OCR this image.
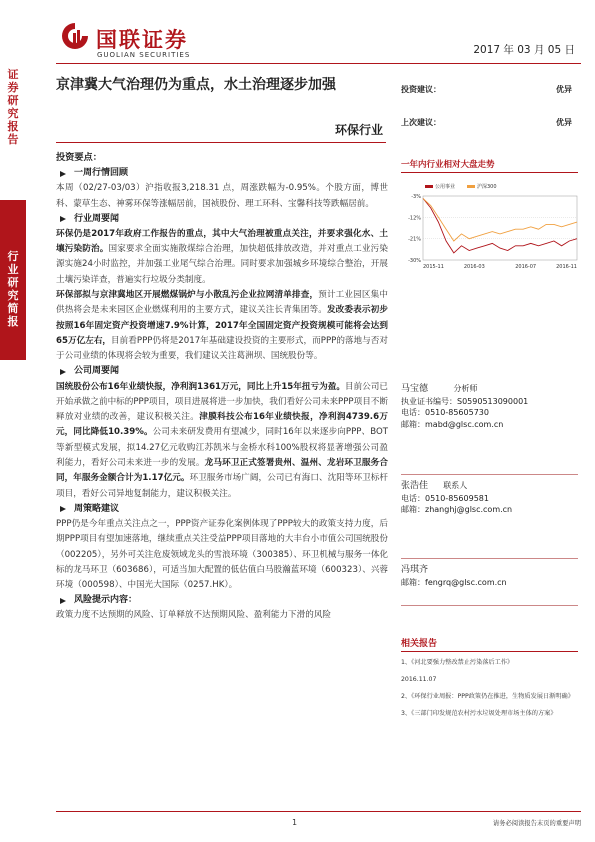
国联证券
GUOLIAN SECURITIES	2017 年 03 月 05 日
证券研究报告
行业研究简报
京津冀大气治理仍为重点，水土治理逐步加强
环保行业
投资建议：	优异
上次建议：	优异
投资要点：
一周行情回顾

本周（02/27-03/03）沪指收报3,218.31 点，周涨跌幅为-0.95%。个股方面，博世科、蒙草生态、神雾环保等涨幅居前，国祯股份、理工环科、宝馨科技等跌幅居前。

行业周要闻

环保仍是2017年政府工作报告的重点，其中大气治理被重点关注，并要求强化水、土壤污染防治。国家要求全面实施散煤综合治理，加快超低排放改造，并对重点工业污染源实施24小时监控，并加强工业尾气综合治理。同时要求加强城乡环境综合整治，开展土壤污染详查，普遍实行垃圾分类制度。

环保部拟与京津冀地区开展燃煤锅炉与小散乱污企业拉网清单排查，预计工业园区集中供热将会是未来园区企业燃煤利用的主要方式，建议关注长青集团等。发改委表示初步按照16年固定资产投资增速7.9%计算，2017年全国固定资产投资规模可能将会达到65万亿左右，目前看PPP仍将是2017年基础建设投资的主要形式，而PPP的落地与否对于公司业绩的体现将会较为重要，我们建议关注葛洲坝、国统股份等。

公司周要闻

国统股份公布16年业绩快报，净利润1361万元，同比上升15年扭亏为盈。目前公司已开始承做之前中标的PPP项目，项目进展将进一步加快，我们看好公司未来PPP项目不断释放对业绩的改善，建议积极关注。津膜科技公布16年业绩快报，净利润4739.6万元，同比降低10.39%。公司未来研发费用有望减少，同时16年以来逐步向PPP、BOT等新型模式发展，拟14.27亿元收购江苏凯米与金桥水科100%股权将显著增强公司盈利能力，看好公司未来进一步的发展。龙马环卫正式签署贵州、温州、龙岩环卫服务合同，年服务金额合计为1.17亿元。环卫服务市场广阔，公司已有海口、沈阳等环卫标杆项目，看好公司异地复制能力，建议积极关注。

周策略建议

PPP仍是今年重点关注点之一，PPP资产证券化案例体现了PPP较大的政策支持力度，后期PPP项目有望加速落地，继续重点关注受益PPP项目落地的大丰台小市值公司国统股份（002205），另外可关注危废领域龙头的雪浪环境（300385）、环卫机械与服务一体化标的龙马环卫（603686），可适当加大配置的低估值白马股瀚蓝环境（600323）、兴蓉环境（000598）、中国光大国际（0257.HK）。

风险提示内容：

政策力度不达预期的风险、订单释放不达预期风险、盈利能力下滑的风险

一年内行业相对大盘走势
-3%
-12%
-21%
-30%
2015-11	2016-03	2016-07	2016-11
公用事业	沪深300
马宝德	分析师
执业证书编号：S0590513090001
电话：0510-85605730
邮箱：mabd@glsc.com.cn
张浩佳 联系人
电话：0510-85609581
邮箱：zhanghj@glsc.com.cn
冯琪齐
邮箱：fengrq@glsc.com.cn
相关报告
1、《河北要强力整改禁止污染落后工作》
2016.11.07
2、《环保行业周报：PPP政策仍在推进，生物质发展日渐明确》
3、《三部门印发规范农村污水垃圾处理市场主体的方案》
1	请务必阅读报告末页的重要声明
